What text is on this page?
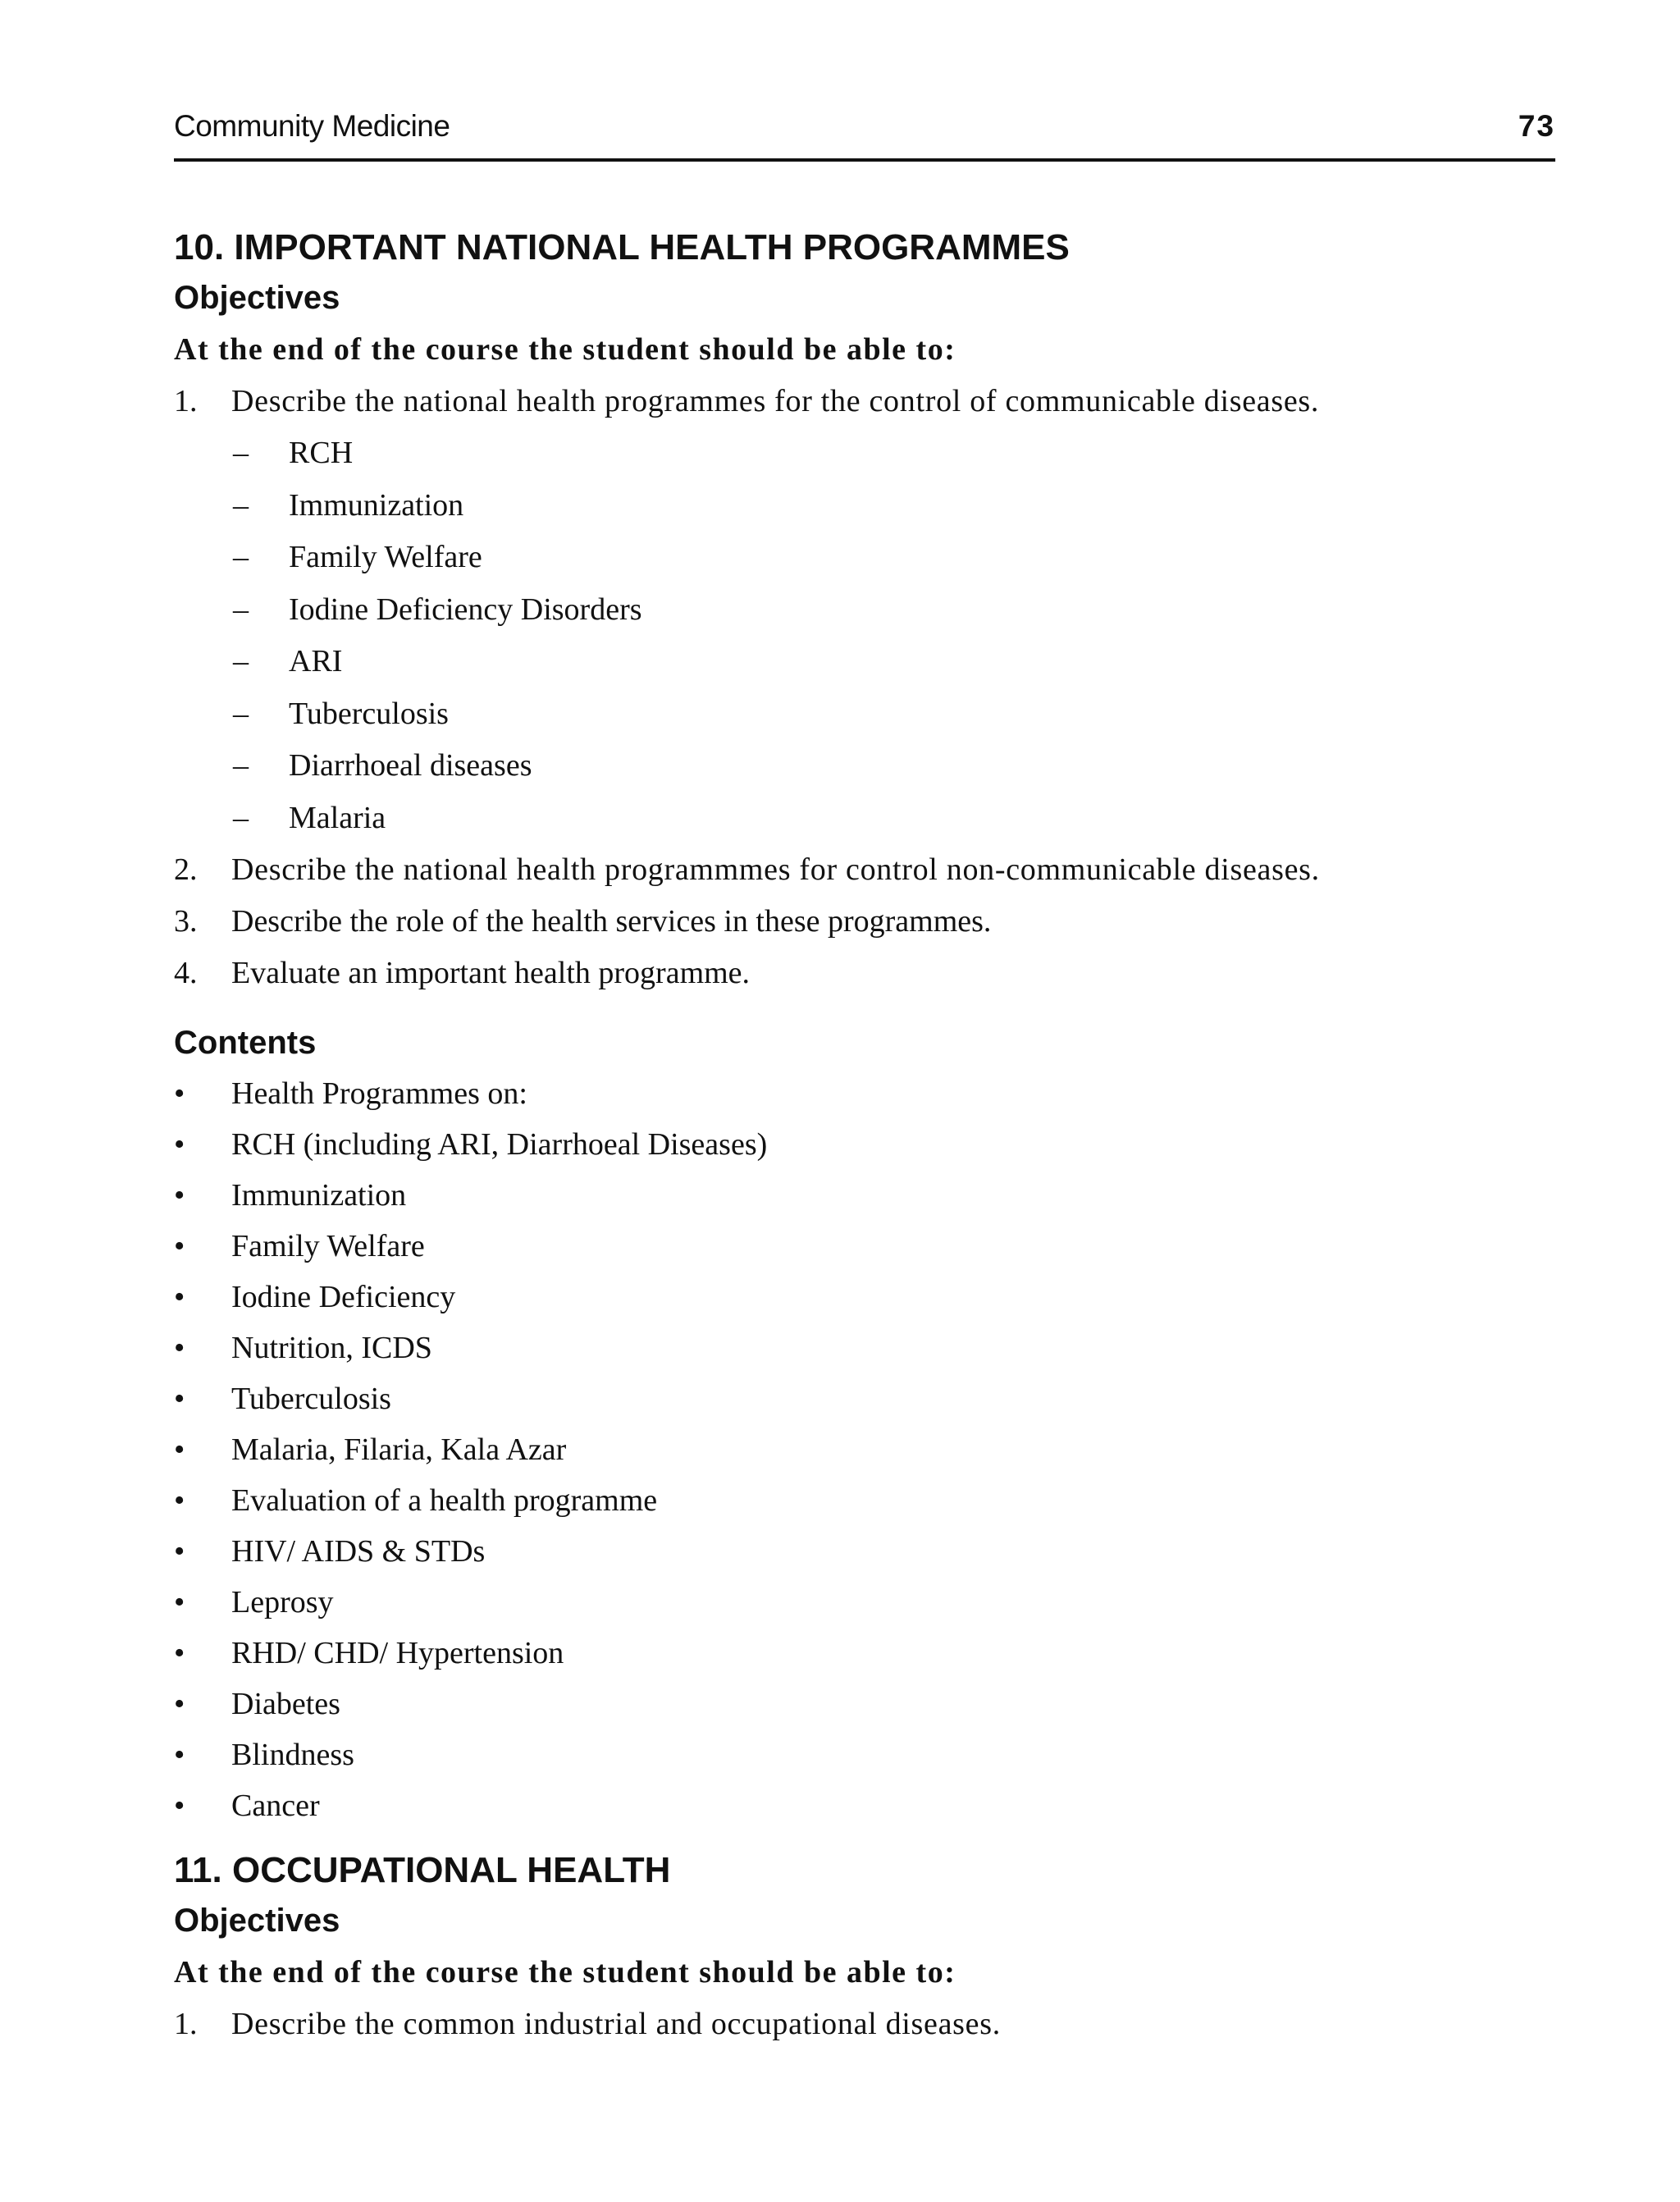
Community Medicine	73
10. IMPORTANT NATIONAL HEALTH PROGRAMMES
Objectives

At the end of the course the student should be able to:

1. Describe the national health programmes for the control of communicable diseases.
– RCH
– Immunization
– Family Welfare
– Iodine Deficiency Disorders
– ARI
– Tuberculosis
– Diarrhoeal diseases
– Malaria
2. Describe the national health programmmes for control non-communicable diseases.
3. Describe the role of the health services in these programmes.
4. Evaluate an important health programme.
Contents
• Health Programmes on:
• RCH (including ARI, Diarrhoeal Diseases)
• Immunization
• Family Welfare
• Iodine Deficiency
• Nutrition, ICDS
• Tuberculosis
• Malaria, Filaria, Kala Azar
• Evaluation of a health programme
• HIV/ AIDS & STDs
• Leprosy
• RHD/ CHD/ Hypertension
• Diabetes
• Blindness
• Cancer
11. OCCUPATIONAL HEALTH
Objectives

At the end of the course the student should be able to:

1. Describe the common industrial and occupational diseases.
